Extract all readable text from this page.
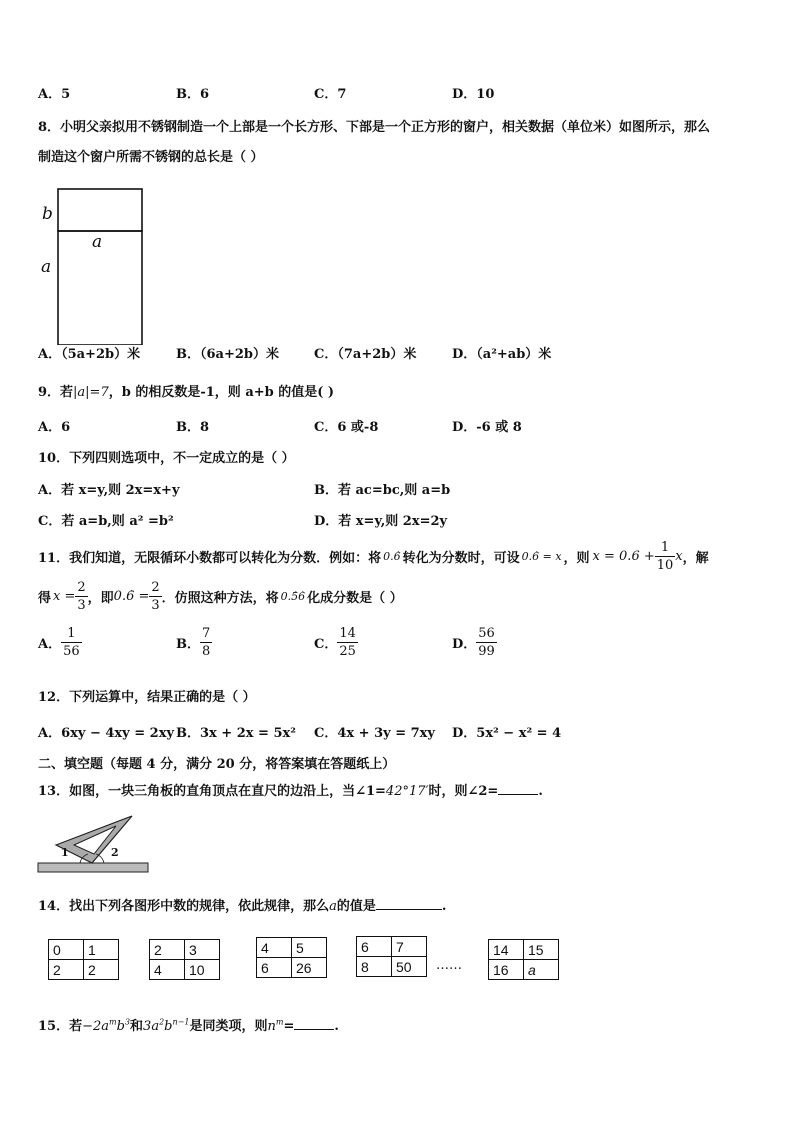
A．5	B．6	C．7	D．10
8．小明父亲拟用不锈钢制造一个上部是一个长方形、下部是一个正方形的窗户，相关数据（单位米）如图所示，那么
制造这个窗户所需不锈钢的总长是（ ）
b
a
a
A．（5a+2b）米	B．（6a+2b）米	C．（7a+2b）米	D．（a²+ab）米
9．若|a|=7，b 的相反数是-1，则 a+b 的值是( )
A．6	B．8	C．6 或-8	D．-6 或 8
10．下列四则选项中，不一定成立的是（ ）
A．若 x=y,则 2x=x+y	B．若 ac=bc,则 a=b
C．若 a=b,则 a² =b²	D．若 x=y,则 2x=2y
11．我们知道，无限循环小数都可以转化为分数．例如：将 0.6̇ 转化为分数时，可设 0.6̇ = x ，则 $x = 0.6 + \frac{1}{10}$ x ，解
得 $x = \frac{2}{3}$ ，即 0.6̇ = $\frac{2}{3}$ ．仿照这种方法，将 0.5̇6̇ 化成分数是（ ）
A． $\frac{1}{56}$	B． $\frac{7}{8}$	C． $\frac{14}{25}$	D． $\frac{56}{99}$
12．下列运算中，结果正确的是（ ）
A．6xy − 4xy = 2xy B．3x + 2x = 5x² C．4x + 3y = 7xy D．5x² − x² = 4
二、填空题（每题 4 分，满分 20 分，将答案填在答题纸上）
13．如图，一块三角板的直角顶点在直尺的边沿上，当∠1=42°17′时，则∠2=	.
1	2
14．找出下列各图形中数的规律，依此规律，那么a的值是	.
0	1
2	2
2	3
4	10
4	5
6	26
6	7
8	50 ……
14	15
16	a
15．若$-2a^mb^3$和$3a^2b^{n-1}$是同类项，则$n^m=$	.
